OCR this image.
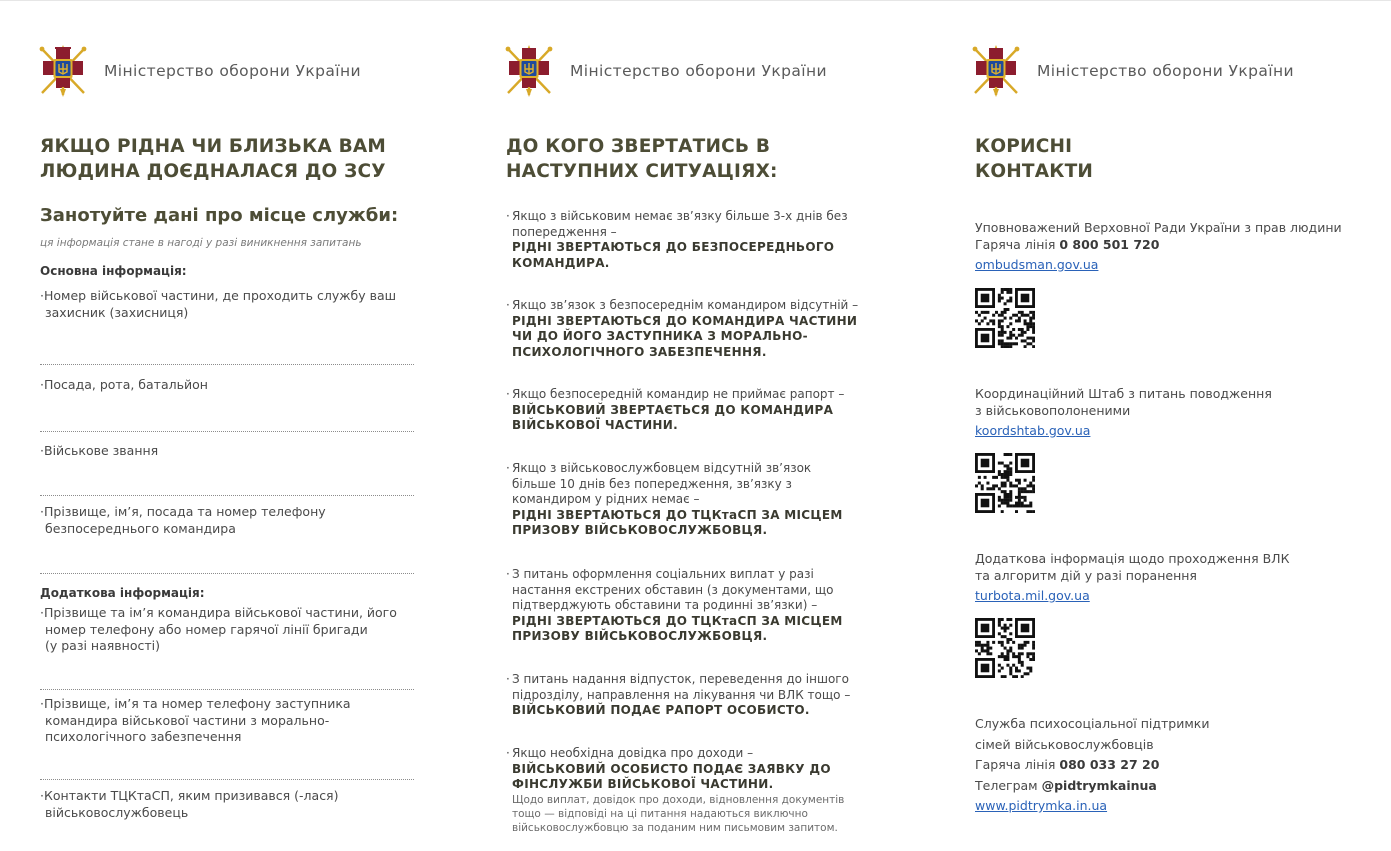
Міністерство оборони України
ЯКЩО РІДНА ЧИ БЛИЗЬКА ВАМ
ЛЮДИНА ДОЄДНАЛАСЯ ДО ЗСУ
Занотуйте дані про місце служби:
ця інформація стане в нагоді у разі виникнення запитань
Основна інформація:
· Номер військової частини, де проходить службу ваш
захисник (захисниця)
· Посада, рота, батальйон
· Військове звання
· Прізвище, ім’я, посада та номер телефону
безпосереднього командира
Додаткова інформація:
· Прізвище та ім’я командира військової частини, його
номер телефону або номер гарячої лінії бригади
(у разі наявності)
· Прізвище, ім’я та номер телефону заступника
командира військової частини з морально-
психологічного забезпечення
· Контакти ТЦКтаСП, яким призивався (-лася)
військовослужбовець
Міністерство оборони України
ДО КОГО ЗВЕРТАТИСЬ В
НАСТУПНИХ СИТУАЦІЯХ:
· Якщо з військовим немає зв’язку більше 3-х днів без
попередження –
РІДНІ ЗВЕРТАЮТЬСЯ ДО БЕЗПОСЕРЕДНЬОГО
КОМАНДИРА.
· Якщо зв’язок з безпосереднім командиром відсутній –
РІДНІ ЗВЕРТАЮТЬСЯ ДО КОМАНДИРА ЧАСТИНИ
ЧИ ДО ЙОГО ЗАСТУПНИКА З МОРАЛЬНО-
ПСИХОЛОГІЧНОГО ЗАБЕЗПЕЧЕННЯ.
· Якщо безпосередній командир не приймає рапорт –
ВІЙСЬКОВИЙ ЗВЕРТАЄТЬСЯ ДО КОМАНДИРА
ВІЙСЬКОВОЇ ЧАСТИНИ.
· Якщо з військовослужбовцем відсутній зв’язок
більше 10 днів без попередження, зв’язку з
командиром у рідних немає –
РІДНІ ЗВЕРТАЮТЬСЯ ДО ТЦКтаСП ЗА МІСЦЕМ
ПРИЗОВУ ВІЙСЬКОВОСЛУЖБОВЦЯ.
· З питань оформлення соціальних виплат у разі
настання екстрених обставин (з документами, що
підтверджують обставини та родинні зв’язки) –
РІДНІ ЗВЕРТАЮТЬСЯ ДО ТЦКтаСП ЗА МІСЦЕМ
ПРИЗОВУ ВІЙСЬКОВОСЛУЖБОВЦЯ.
· З питань надання відпусток, переведення до іншого
підрозділу, направлення на лікування чи ВЛК тощо –
ВІЙСЬКОВИЙ ПОДАЄ РАПОРТ ОСОБИСТО.
· Якщо необхідна довідка про доходи –
ВІЙСЬКОВИЙ ОСОБИСТО ПОДАЄ ЗАЯВКУ ДО
ФІНСЛУЖБИ ВІЙСЬКОВОЇ ЧАСТИНИ.
Щодо виплат, довідок про доходи, відновлення документів
тощо — відповіді на ці питання надаються виключно
військовослужбовцю за поданим ним письмовим запитом.
Міністерство оборони України
КОРИСНІ
КОНТАКТИ
Уповноважений Верховної Ради України з прав людини
Гаряча лінія 0 800 501 720
ombudsman.gov.ua
Координаційний Штаб з питань поводження
з військовополоненими
koordshtab.gov.ua
Додаткова інформація щодо проходження ВЛК
та алгоритм дій у разі поранення
turbota.mil.gov.ua
Служба психосоціальної підтримки
сімей військовослужбовців
Гаряча лінія 080 033 27 20
Телеграм @pidtrymkainua
www.pidtrymka.in.ua
